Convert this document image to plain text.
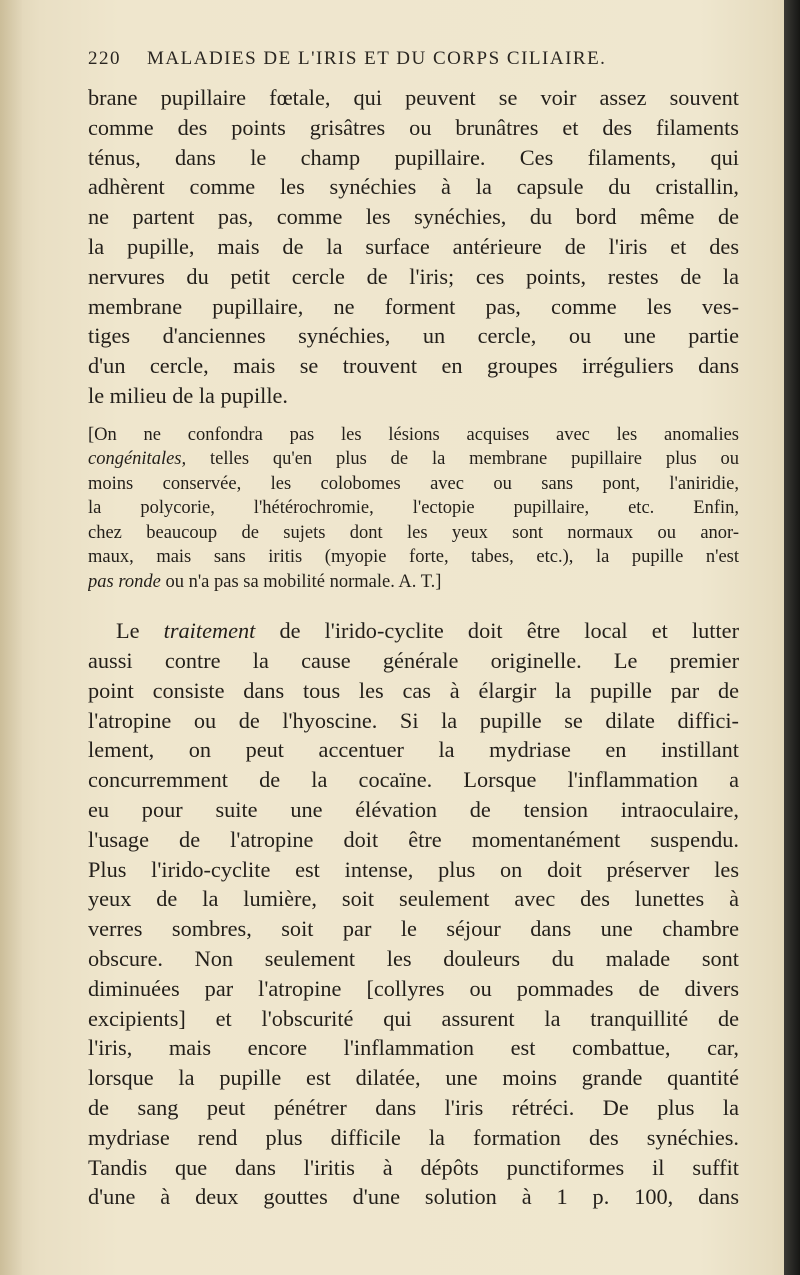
220 MALADIES DE L'IRIS ET DU CORPS CILIAIRE.
brane pupillaire fœtale, qui peuvent se voir assez souvent
comme des points grisâtres ou brunâtres et des filaments
ténus, dans le champ pupillaire. Ces filaments, qui
adhèrent comme les synéchies à la capsule du cristallin,
ne partent pas, comme les synéchies, du bord même de
la pupille, mais de la surface antérieure de l'iris et des
nervures du petit cercle de l'iris; ces points, restes de la
membrane pupillaire, ne forment pas, comme les ves-
tiges d'anciennes synéchies, un cercle, ou une partie
d'un cercle, mais se trouvent en groupes irréguliers dans
le milieu de la pupille.
[On ne confondra pas les lésions acquises avec les anomalies
congénitales, telles qu'en plus de la membrane pupillaire plus ou
moins conservée, les colobomes avec ou sans pont, l'aniridie,
la polycorie, l'hétérochromie, l'ectopie pupillaire, etc. Enfin,
chez beaucoup de sujets dont les yeux sont normaux ou anor-
maux, mais sans iritis (myopie forte, tabes, etc.), la pupille n'est
pas ronde ou n'a pas sa mobilité normale. A. T.]
Le traitement de l'irido-cyclite doit être local et lutter
aussi contre la cause générale originelle. Le premier
point consiste dans tous les cas à élargir la pupille par de
l'atropine ou de l'hyoscine. Si la pupille se dilate diffici-
lement, on peut accentuer la mydriase en instillant
concurremment de la cocaïne. Lorsque l'inflammation a
eu pour suite une élévation de tension intraoculaire,
l'usage de l'atropine doit être momentanément suspendu.
Plus l'irido-cyclite est intense, plus on doit préserver les
yeux de la lumière, soit seulement avec des lunettes à
verres sombres, soit par le séjour dans une chambre
obscure. Non seulement les douleurs du malade sont
diminuées par l'atropine [collyres ou pommades de divers
excipients] et l'obscurité qui assurent la tranquillité de
l'iris, mais encore l'inflammation est combattue, car,
lorsque la pupille est dilatée, une moins grande quantité
de sang peut pénétrer dans l'iris rétréci. De plus la
mydriase rend plus difficile la formation des synéchies.
Tandis que dans l'iritis à dépôts punctiformes il suffit
d'une à deux gouttes d'une solution à 1 p. 100, dans
